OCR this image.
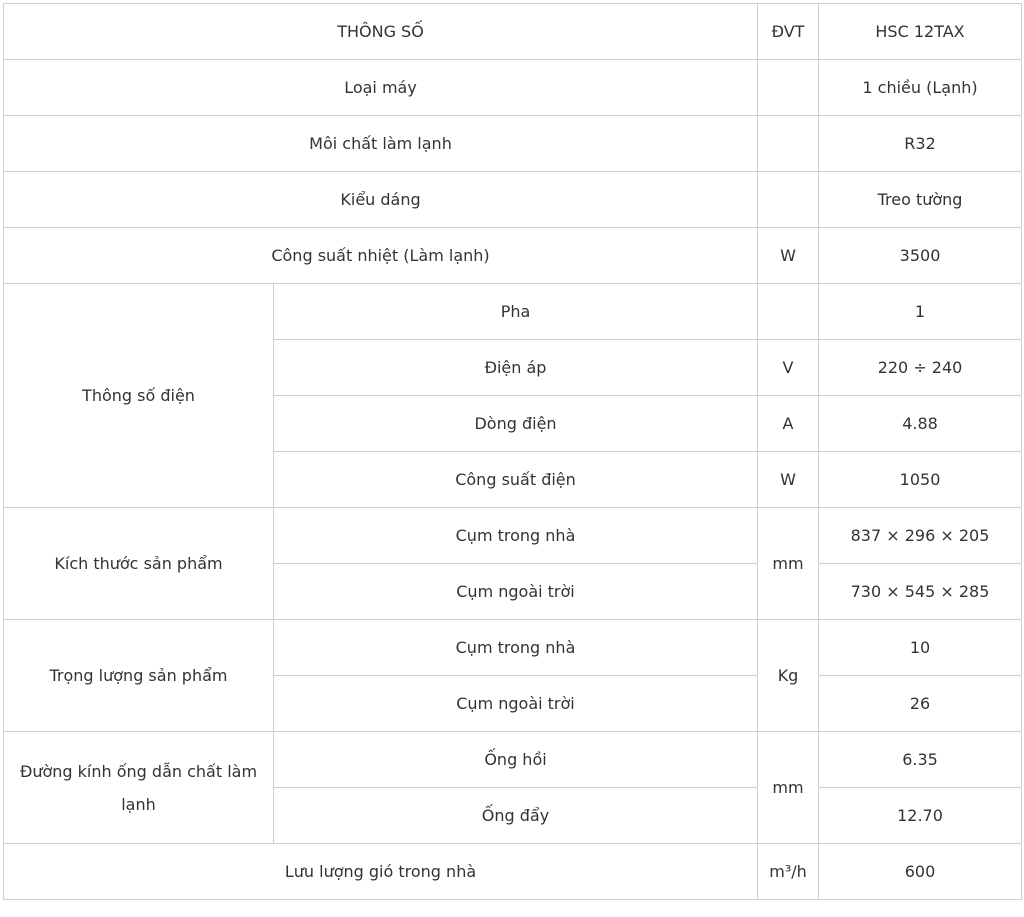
THÔNG SỐ		ĐVT	HSC 12TAX
Loại máy			1 chiều (Lạnh)
Môi chất làm lạnh			R32
Kiểu dáng			Treo tường
Công suất nhiệt (Làm lạnh)		W	3500
Thông số điện	Pha		1
	Điện áp	V	220 ÷ 240
	Dòng điện	A	4.88
	Công suất điện	W	1050
Kích thước sản phẩm	Cụm trong nhà	mm	837 × 296 × 205
	Cụm ngoài trời		730 × 545 × 285
Trọng lượng sản phẩm	Cụm trong nhà	Kg	10
	Cụm ngoài trời		26
Đường kính ống dẫn chất làm lạnh	Ống hồi	mm	6.35
	Ống đẩy		12.70
Lưu lượng gió trong nhà		m³/h	600
